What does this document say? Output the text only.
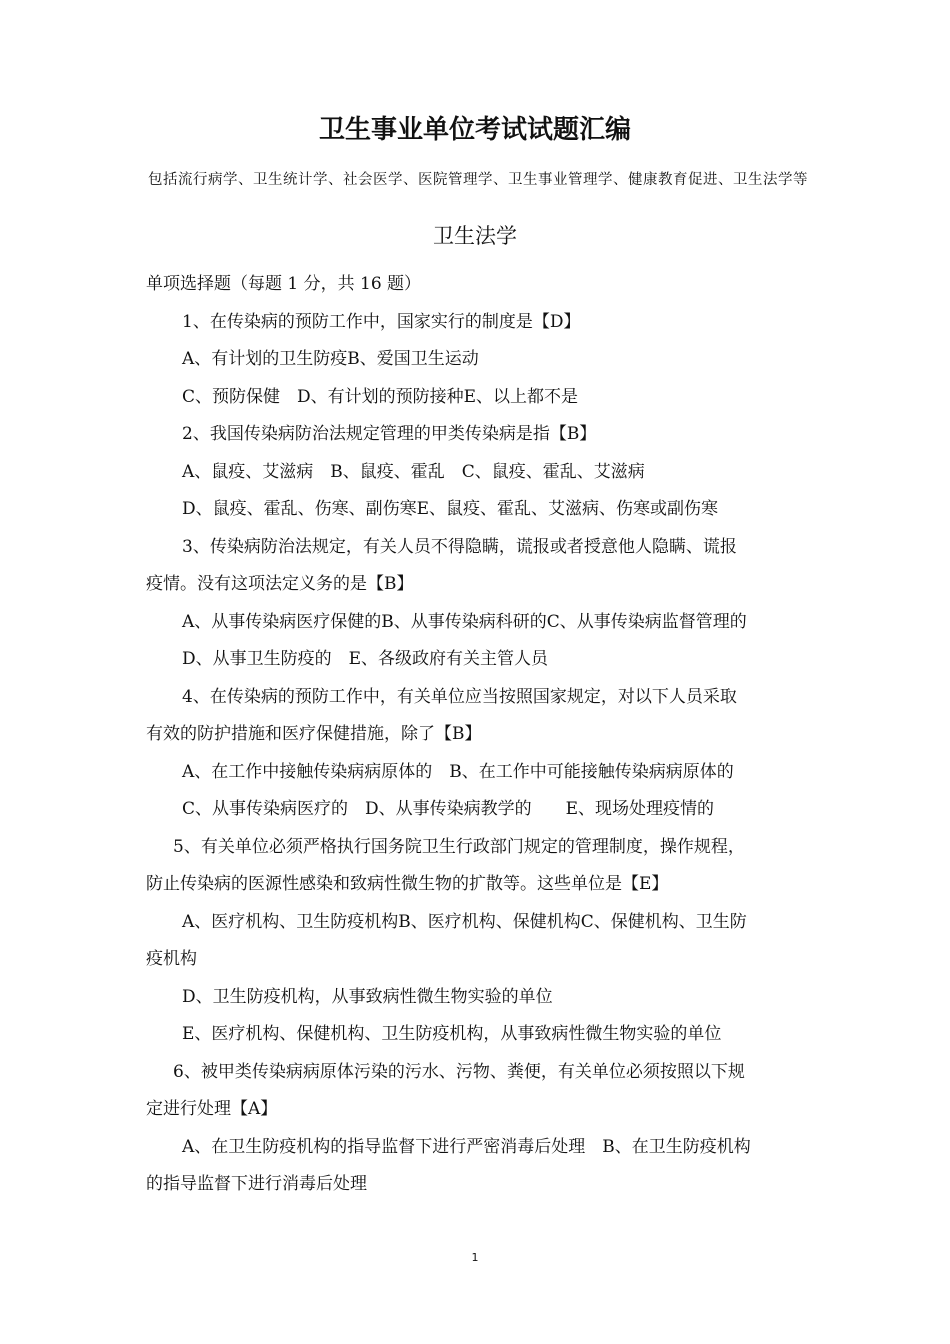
卫生事业单位考试试题汇编
包括流行病学、卫生统计学、社会医学、医院管理学、卫生事业管理学、健康教育促进、卫生法学等
卫生法学
单项选择题（每题 1 分，共 16 题）
1、在传染病的预防工作中，国家实行的制度是【D】
A、有计划的卫生防疫B、爱国卫生运动
C、预防保健　D、有计划的预防接种E、以上都不是
2、我国传染病防治法规定管理的甲类传染病是指【B】
A、鼠疫、艾滋病　B、鼠疫、霍乱　C、鼠疫、霍乱、艾滋病
D、鼠疫、霍乱、伤寒、副伤寒E、鼠疫、霍乱、艾滋病、伤寒或副伤寒
3、传染病防治法规定，有关人员不得隐瞒，谎报或者授意他人隐瞒、谎报
疫情。没有这项法定义务的是【B】
A、从事传染病医疗保健的B、从事传染病科研的C、从事传染病监督管理的
D、从事卫生防疫的　E、各级政府有关主管人员
4、在传染病的预防工作中，有关单位应当按照国家规定，对以下人员采取
有效的防护措施和医疗保健措施，除了【B】
A、在工作中接触传染病病原体的　B、在工作中可能接触传染病病原体的
C、从事传染病医疗的　D、从事传染病教学的　　E、现场处理疫情的
5、有关单位必须严格执行国务院卫生行政部门规定的管理制度，操作规程，
防止传染病的医源性感染和致病性微生物的扩散等。这些单位是【E】
A、医疗机构、卫生防疫机构B、医疗机构、保健机构C、保健机构、卫生防
疫机构
D、卫生防疫机构，从事致病性微生物实验的单位
E、医疗机构、保健机构、卫生防疫机构，从事致病性微生物实验的单位
6、被甲类传染病病原体污染的污水、污物、粪便，有关单位必须按照以下规
定进行处理【A】
A、在卫生防疫机构的指导监督下进行严密消毒后处理　B、在卫生防疫机构
的指导监督下进行消毒后处理
1
